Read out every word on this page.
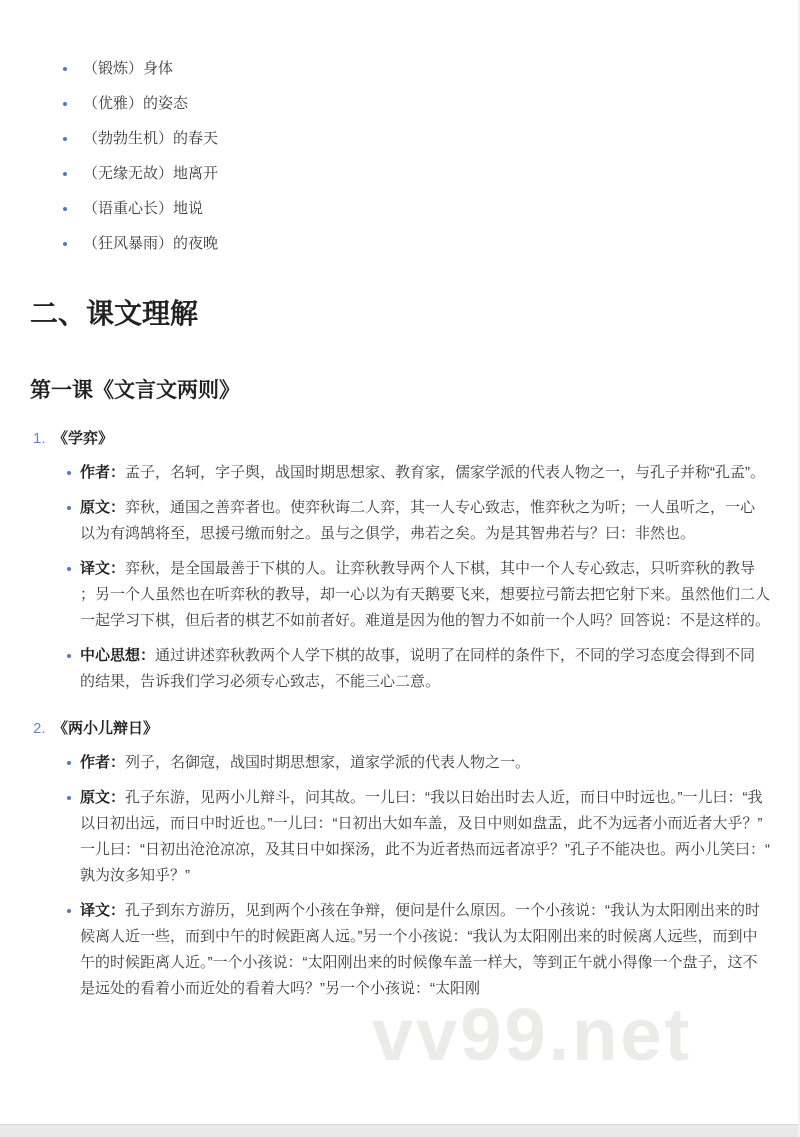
vv99.net
（锻炼）身体
（优雅）的姿态
（勃勃生机）的春天
（无缘无故）地离开
（语重心长）地说
（狂风暴雨）的夜晚
二、课文理解
第一课《文言文两则》
1. 《学弈》
作者：孟子，名轲，字子舆，战国时期思想家、教育家，儒家学派的代表人物之一，与孔子并称“孔孟”。
原文：弈秋，通国之善弈者也。使弈秋诲二人弈，其一人专心致志，惟弈秋之为听；一人虽听之，一心以为有鸿鹄将至，思援弓缴而射之。虽与之俱学，弗若之矣。为是其智弗若与？曰：非然也。
译文：弈秋，是全国最善于下棋的人。让弈秋教导两个人下棋，其中一个人专心致志，只听弈秋的教导；另一个人虽然也在听弈秋的教导，却一心以为有天鹅要飞来，想要拉弓箭去把它射下来。虽然他们二人一起学习下棋，但后者的棋艺不如前者好。难道是因为他的智力不如前一个人吗？回答说：不是这样的。
中心思想：通过讲述弈秋教两个人学下棋的故事，说明了在同样的条件下，不同的学习态度会得到不同的结果，告诉我们学习必须专心致志，不能三心二意。
2. 《两小儿辩日》
作者：列子，名御寇，战国时期思想家，道家学派的代表人物之一。
原文：孔子东游，见两小儿辩斗，问其故。一儿曰：“我以日始出时去人近，而日中时远也。”一儿曰：“我以日初出远，而日中时近也。”一儿曰：“日初出大如车盖，及日中则如盘盂，此不为远者小而近者大乎？”一儿曰：“日初出沧沧凉凉，及其日中如探汤，此不为近者热而远者凉乎？”孔子不能决也。两小儿笑曰：“孰为汝多知乎？”
译文：孔子到东方游历，见到两个小孩在争辩，便问是什么原因。一个小孩说：“我认为太阳刚出来的时候离人近一些，而到中午的时候距离人远。”另一个小孩说：“我认为太阳刚出来的时候离人远些，而到中午的时候距离人近。”一个小孩说：“太阳刚出来的时候像车盖一样大，等到正午就小得像一个盘子，这不是远处的看着小而近处的看着大吗？”另一个小孩说：“太阳刚
